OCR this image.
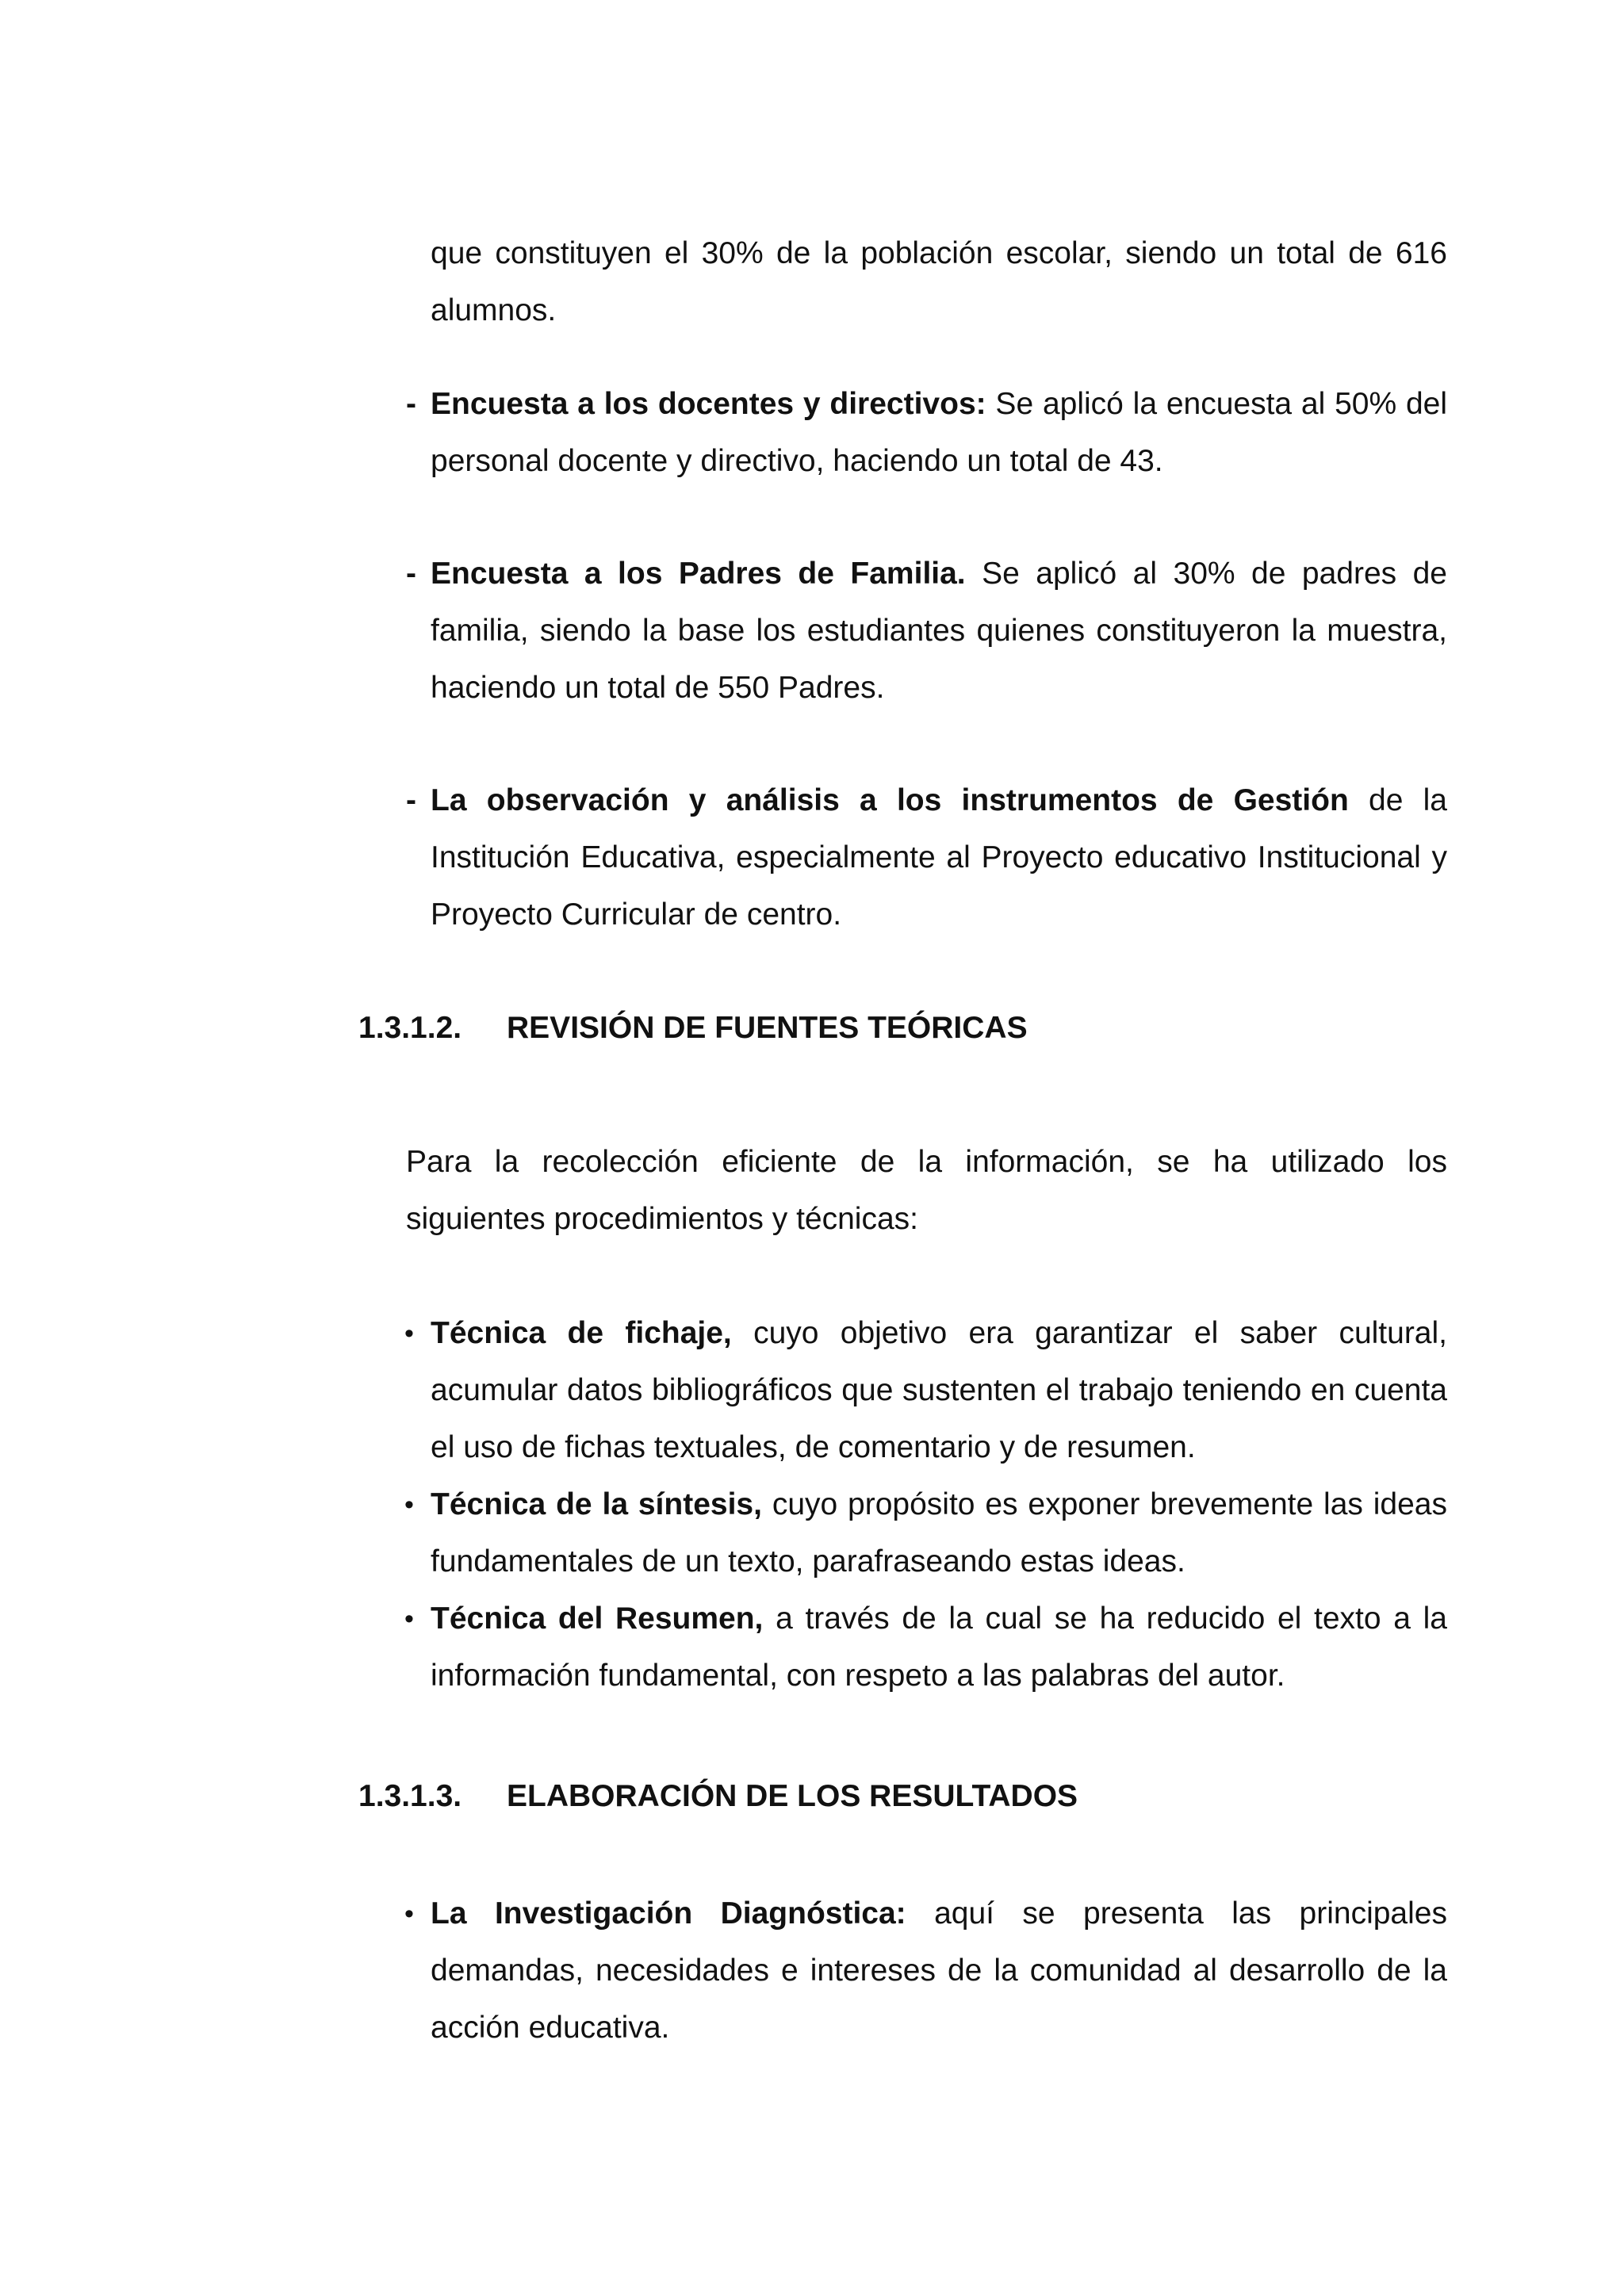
que constituyen el 30% de la población escolar, siendo un total de 616 alumnos.
- Encuesta a los docentes y directivos: Se aplicó la encuesta al 50% del personal docente y directivo, haciendo un total de 43.
- Encuesta a los Padres de Familia. Se aplicó al 30% de padres de familia, siendo la base los estudiantes quienes constituyeron la muestra, haciendo un total de 550 Padres.
- La observación y análisis a los instrumentos de Gestión de la Institución Educativa, especialmente al Proyecto educativo Institucional y Proyecto Curricular de centro.
1.3.1.2. REVISIÓN DE FUENTES TEÓRICAS
Para la recolección eficiente de la información, se ha utilizado los siguientes procedimientos y técnicas:
• Técnica de fichaje, cuyo objetivo era garantizar el saber cultural, acumular datos bibliográficos que sustenten el trabajo teniendo en cuenta el uso de fichas textuales, de comentario y de resumen.
• Técnica de la síntesis, cuyo propósito es exponer brevemente las ideas fundamentales de un texto, parafraseando estas ideas.
• Técnica del Resumen, a través de la cual se ha reducido el texto a la información fundamental, con respeto a las palabras del autor.
1.3.1.3. ELABORACIÓN DE LOS RESULTADOS
• La Investigación Diagnóstica: aquí se presenta las principales demandas, necesidades e intereses de la comunidad al desarrollo de la acción educativa.
